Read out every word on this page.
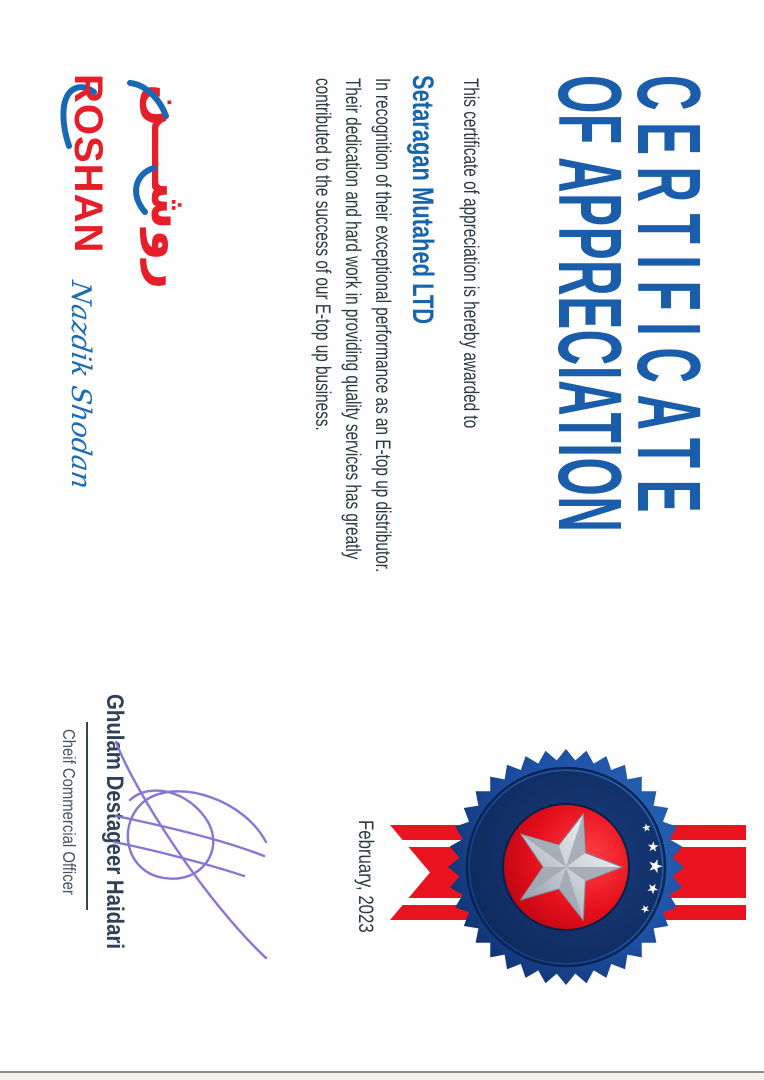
CERTIFICATE
OF APPRECIATION
This certificate of appreciation is hereby awarded to
Setaragan Mutahed LTD
In recognition of their exceptional performance as an E-top up distributor.
Their dedication and hard work in providing quality services has greatly
contributed to the success of our E-top up business.
روشـــن
ROSHAN
Nazdik Shodan
February, 2023	★
★
★
★
★
Ghulam Destageer Haidari
Cheif Commercial Officer
